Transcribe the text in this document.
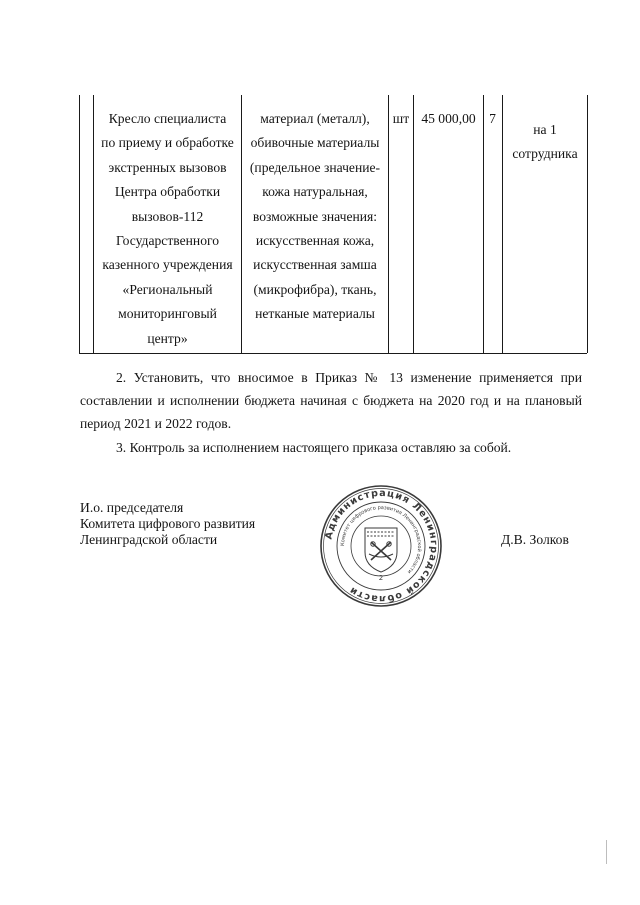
Кресло специалиста
по приему и обработке
экстренных вызовов
Центра обработки
вызовов-112
Государственного
казенного учреждения
«Региональный
мониторинговый
центр»
материал (металл),
обивочные материалы
(предельное значение-
кожа натуральная,
возможные значения:
искусственная кожа,
искусственная замша
(микрофибра), ткань,
нетканые материалы
шт 45 000,00 7
на 1
сотрудника
2. Установить, что вносимое в Приказ № 13 изменение применяется при
составлении и исполнении бюджета начиная с бюджета на 2020 год и на плановый
период 2021 и 2022 годов.
3. Контроль за исполнением настоящего приказа оставляю за собой.
И.о. председателя
Комитета цифрового развития
Ленинградской области	Д.В. Золков
Администрация Ленинградской области
Комитет цифрового развития Ленинградской области
2
